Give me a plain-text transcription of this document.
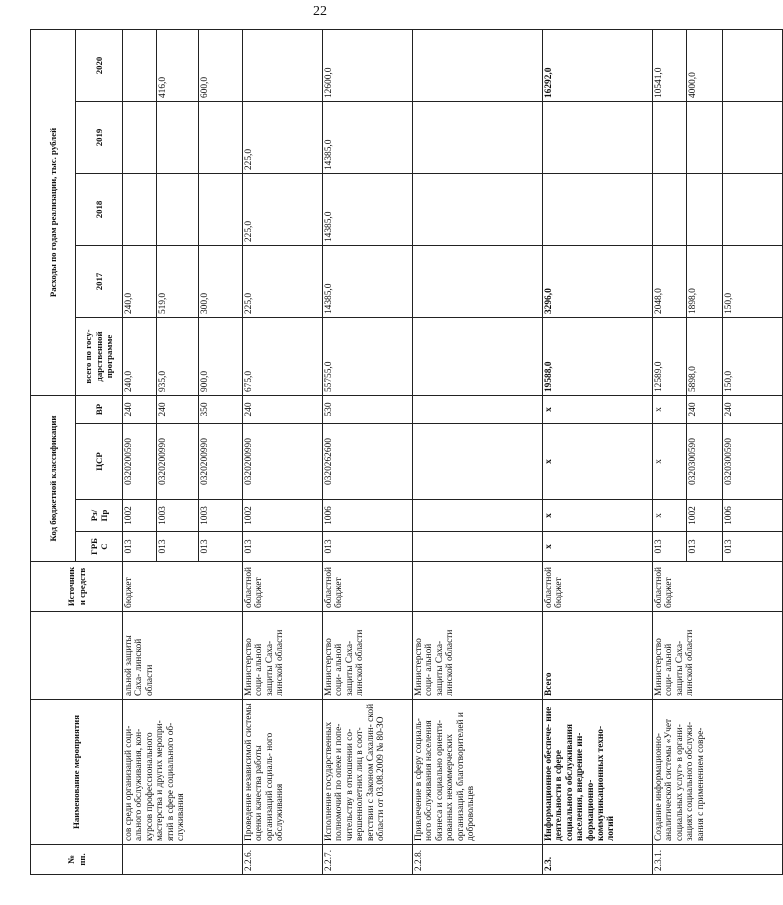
22
№ пп.	Наименование мероприятия		Источники средств	Код бюджетной классификации				Расходы по годам реализации, тыс. рублей				
				ГРБ С	Рз/ Пр	ЦСР	ВР	всего по госу- дарственной программе	2017	2018	2019	2020
	сов среди организаций соци- ального обслуживания, кон- курсов профессионального мастерства и других меропри- ятий в сфере социального об- служивания	альной защиты Саха- линской области	бюджет	013	1002	0320200590	240	240,0	240,0			
				013	1003	0320200990	240	935,0	519,0			416,0
				013	1003	0320200990	350	900,0	300,0			600,0
2.2.6.	Проведение независимой системы оценки качества работы организаций социаль- ного обслуживания	Министерство соци- альной защиты Саха- линской области	областной бюджет	013	1002	0320200990	240	675,0	225,0	225,0	225,0	
2.2.7.	Исполнение государственных полномочий по опеке и попе- чительству в отношении со- вершеннолетних лиц в соот- ветствии с Законом Сахалин- ской области от 03.08.2009 № 80-ЗО	Министерство соци- альной защиты Саха- линской области	областной бюджет	013	1006	0320262600	530	55755,0	14385,0	14385,0	14385,0	12600,0
2.2.8.	Привлечение в сферу социаль- ного обслуживания населения бизнеса и социально ориенти- рованных некоммерческих организаций, благотворителей и добровольцев	Министерство соци- альной защиты Саха- линской области										
2.3.	Информационное обеспече- ние деятельности в сфере социального обслуживания населения, внедрение ин- формационно- коммуникационных техно- логий	Всего	областной бюджет	x	x	x	x	19588,0	3296,0			16292,0
2.3.1.	Создание информационно- аналитической системы «Учет социальных услуг» в органи- зациях социального обслужи- вания с применением совре-	Министерство соци- альной защиты Саха- линской области	областной бюджет	013	x	x	x	12589,0	2048,0			10541,0
				013	1002	0320300590	240	5898,0	1898,0			4000,0
				013	1006	0320300590	240	150,0	150,0			
